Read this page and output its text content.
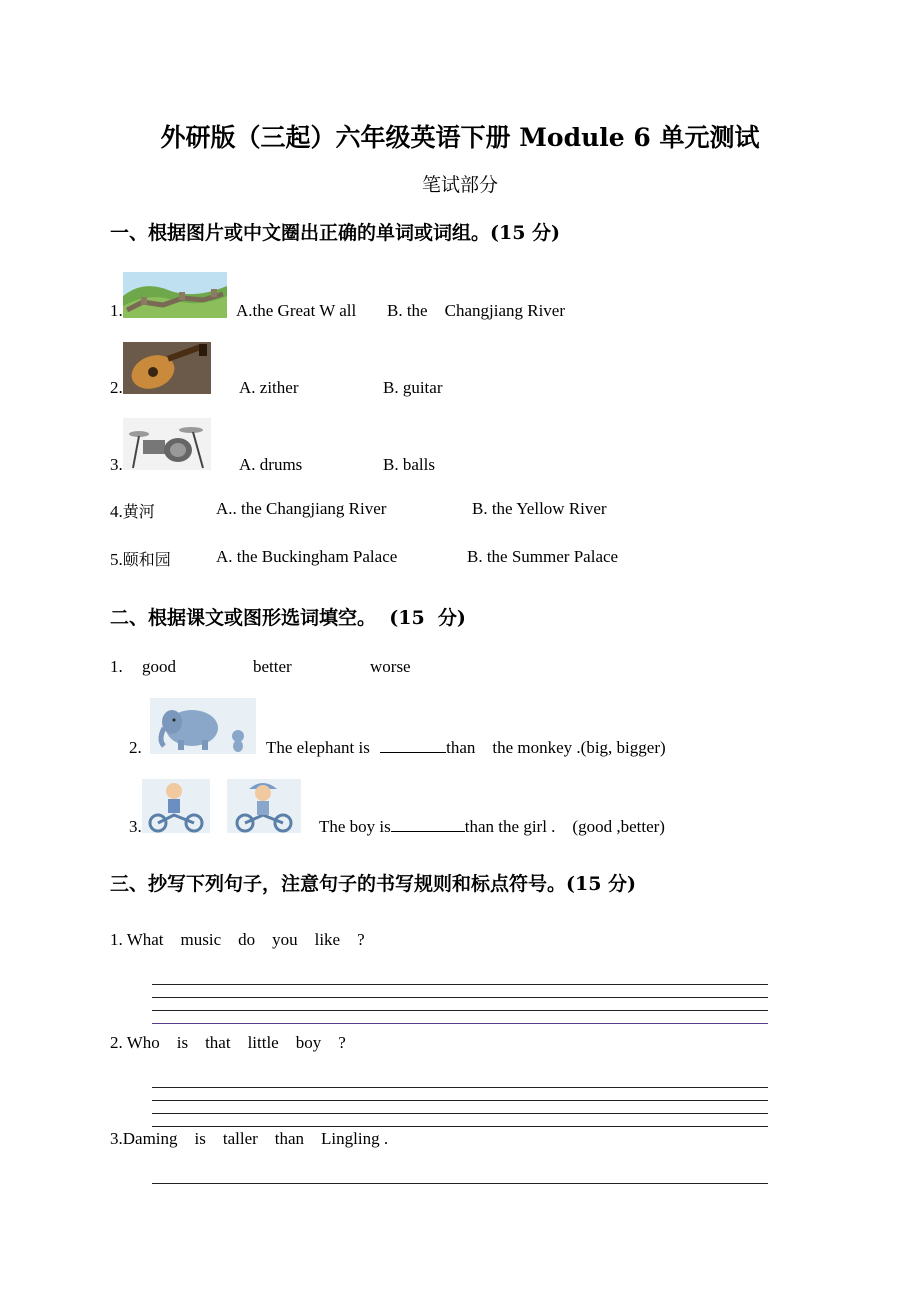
外研版（三起）六年级英语下册 Module 6 单元测试
笔试部分
一、根据图片或中文圈出正确的单词或词组。(15 分)
1.	A.the Great W all B. the    Changjiang River
2.	A. zither	B. guitar
3.	A. drums	B. balls
4.黄河	A.. the Changjiang River	B. the Yellow River
5.颐和园	A. the Buckingham Palace	B. the Summer Palace
二、根据课文或图形选词填空。  (15  分)
1. good	better	worse
2.	The elephant is	than    the monkey .(big, bigger)
3.	The boy is	than the girl .    (good ,better)
三、抄写下列句子，注意句子的书写规则和标点符号。(15 分)
1. What    music    do    you    like    ?
2. Who    is    that    little    boy    ?
3.Daming    is    taller    than    Lingling .
